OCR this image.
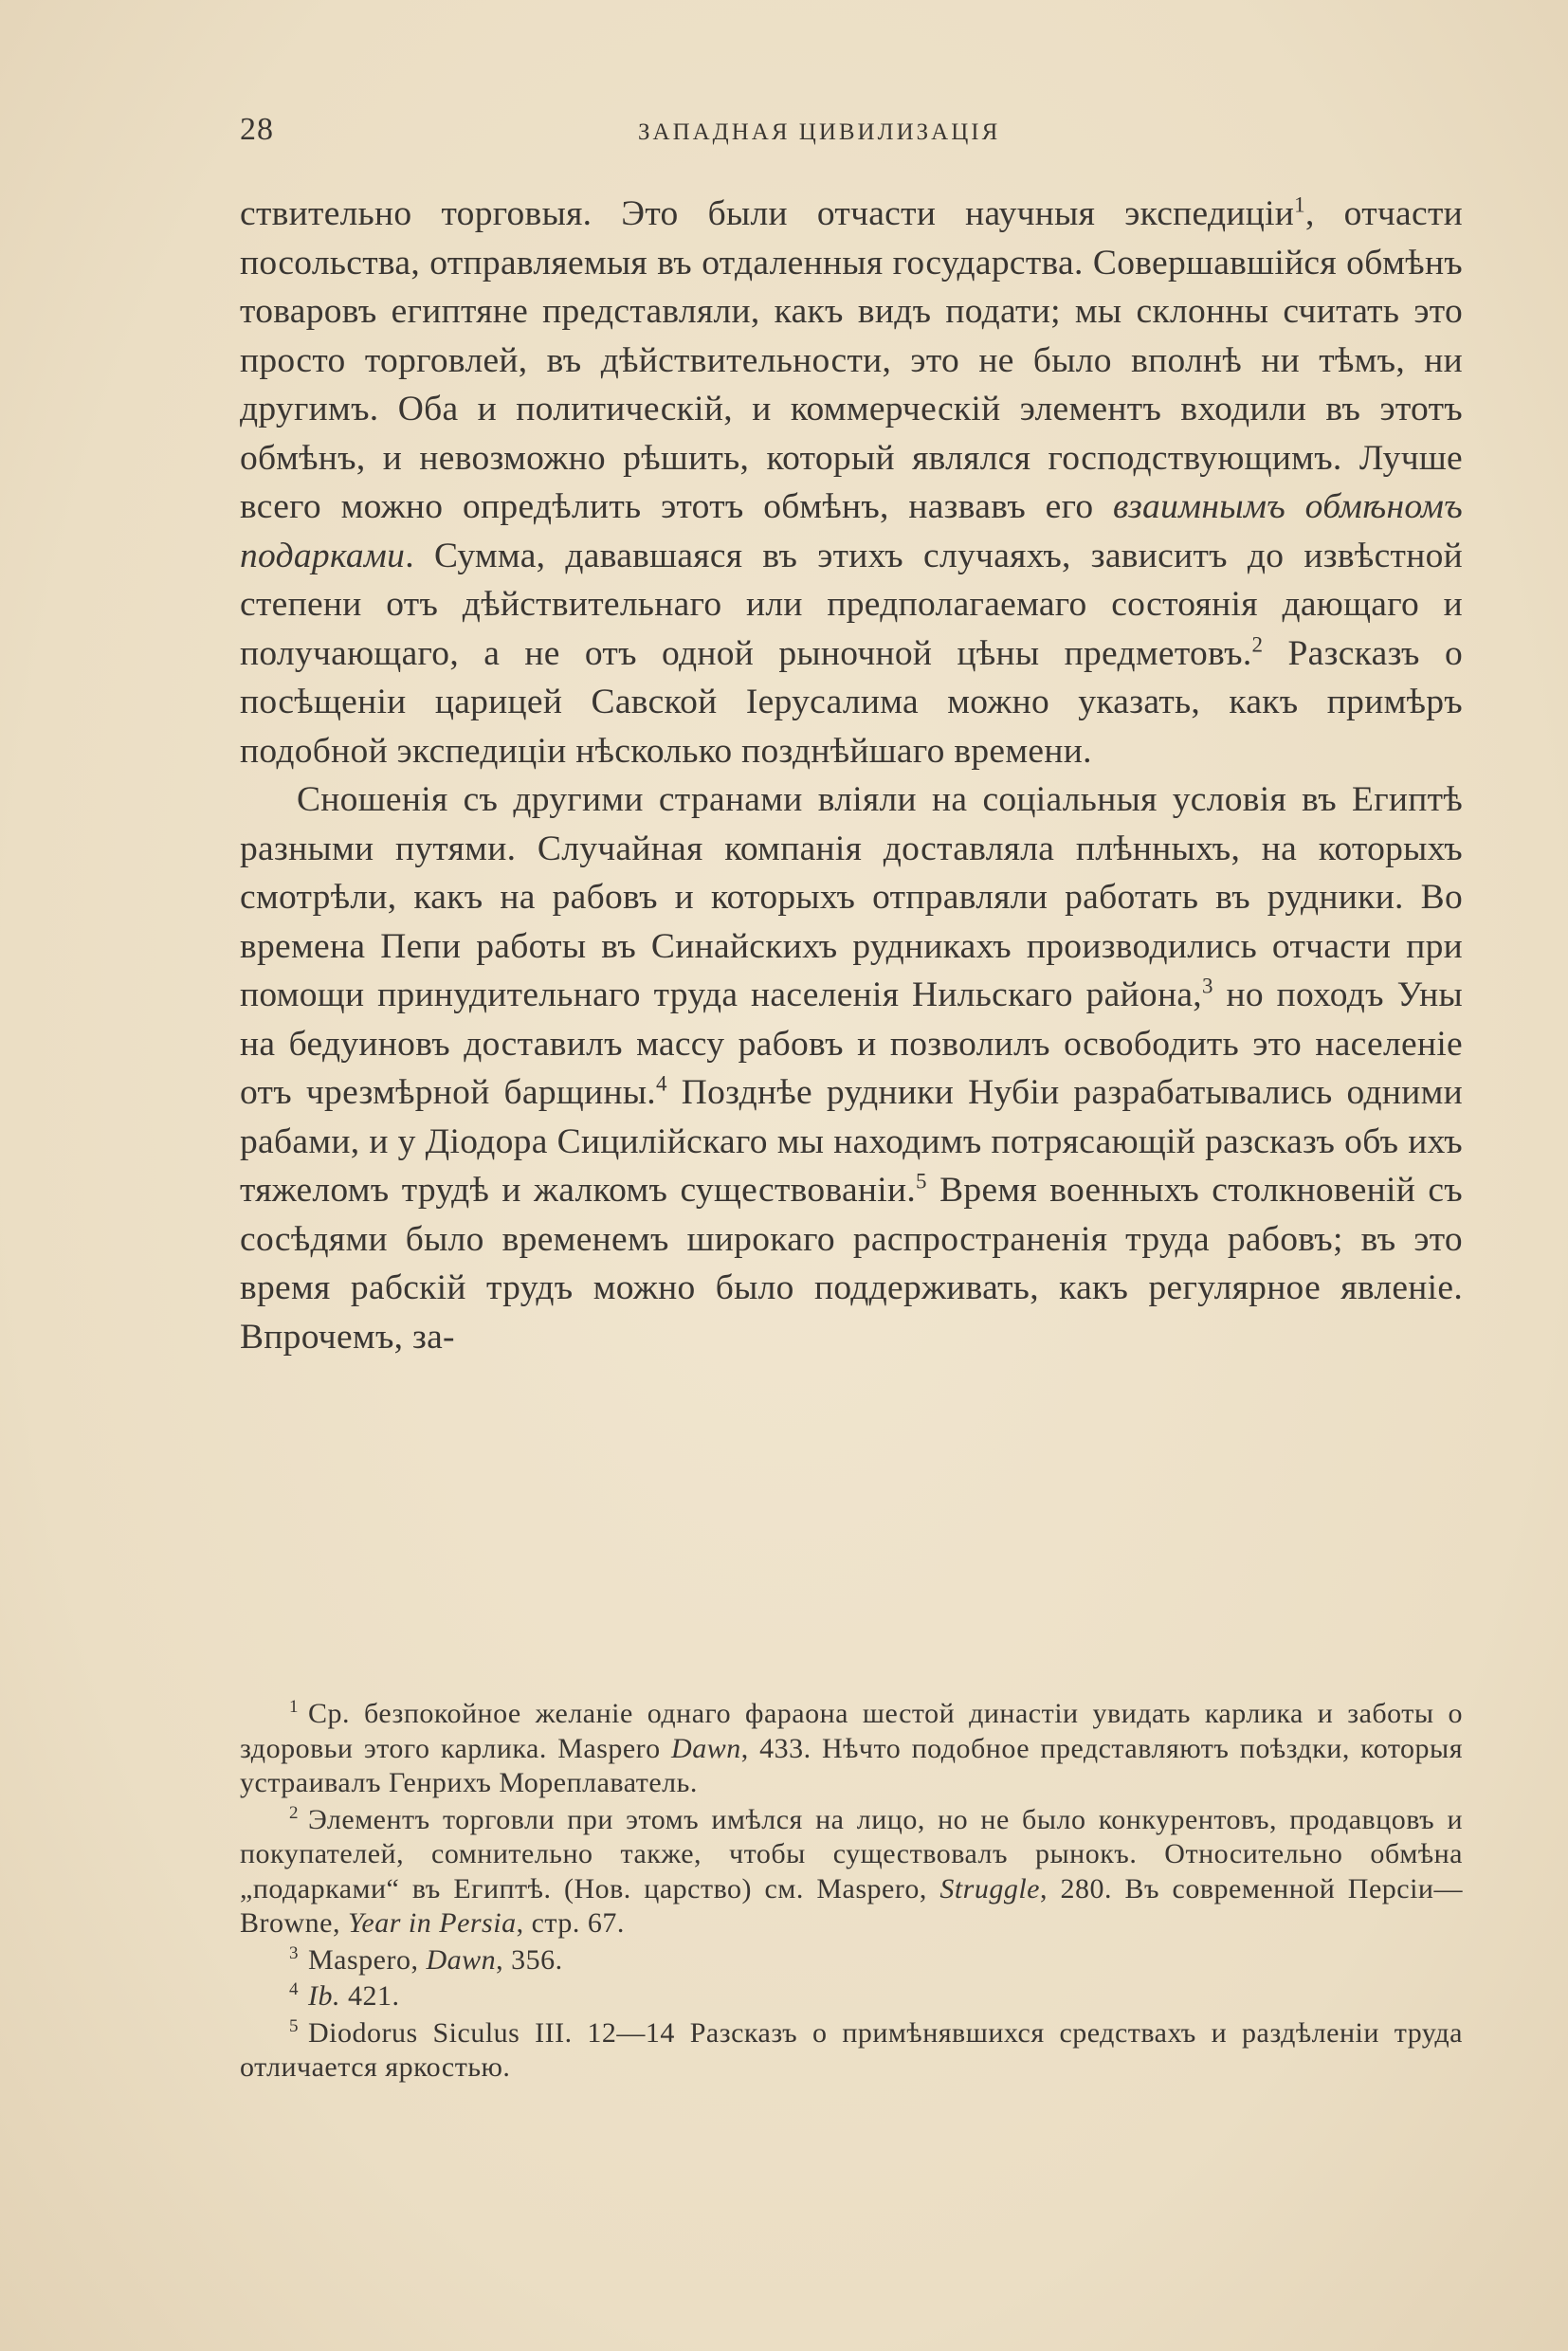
28	ЗАПАДНАЯ ЦИВИЛИЗАЦІЯ

ствительно торговыя. Это были отчасти научныя экспедиціи$^1$, отчасти посольства, отправляемыя въ отдаленныя государства. Совершавшійся обмѣнъ товаровъ египтяне представляли, какъ видъ подати; мы склонны считать это просто торговлей, въ дѣйствительности, это не было вполнѣ ни тѣмъ, ни другимъ. Оба и политическій, и коммерческій элементъ входили въ этотъ обмѣнъ, и невозможно рѣшить, который являлся господствующимъ. Лучше всего можно опредѣлить этотъ обмѣнъ, назвавъ его взаимнымъ обмѣномъ подарками. Сумма, дававшаяся въ этихъ случаяхъ, зависитъ до извѣстной степени отъ дѣйствительнаго или предполагаемаго состоянія дающаго и получающаго, а не отъ одной рыночной цѣны предметовъ.$^2$ Разсказъ о посѣщеніи царицей Савской Іерусалима можно указать, какъ примѣръ подобной экспедиціи нѣсколько позднѣйшаго времени.

Сношенія съ другими странами вліяли на соціальныя условія въ Египтѣ разными путями. Случайная компанія доставляла плѣнныхъ, на которыхъ смотрѣли, какъ на рабовъ и которыхъ отправляли работать въ рудники. Во времена Пепи работы въ Синайскихъ рудникахъ производились отчасти при помощи принудительнаго труда населенія Нильскаго района,$^3$ но походъ Уны на бедуиновъ доставилъ массу рабовъ и позволилъ освободить это населеніе отъ чрезмѣрной барщины.$^4$ Позднѣе рудники Нубіи разрабатывались одними рабами, и у Діодора Сицилійскаго мы находимъ потрясающій разсказъ объ ихъ тяжеломъ трудѣ и жалкомъ существованіи.$^5$ Время военныхъ столкновеній съ сосѣдями было временемъ широкаго распространенія труда рабовъ; въ это время рабскій трудъ можно было поддерживать, какъ регулярное явленіе. Впрочемъ, за-

$^1$ Ср. безпокойное желаніе однаго фараона шестой династіи увидать карлика и заботы о здоровьи этого карлика. Maspero Dawn, 433. Нѣчто подобное представляютъ поѣздки, которыя устраивалъ Генрихъ Мореплаватель.

$^2$ Элементъ торговли при этомъ имѣлся на лицо, но не было конкурентовъ, продавцовъ и покупателей, сомнительно также, чтобы существовалъ рынокъ. Относительно обмѣна „подарками“ въ Египтѣ. (Нов. царство) см. Maspero, Struggle, 280. Въ современной Персіи—Browne, Year in Persia, стр. 67.

$^3$ Maspero, Dawn, 356.

$^4$ Ib. 421.

$^5$ Diodorus Siculus III. 12—14 Разсказъ о примѣнявшихся средствахъ и раздѣленіи труда отличается яркостью.
